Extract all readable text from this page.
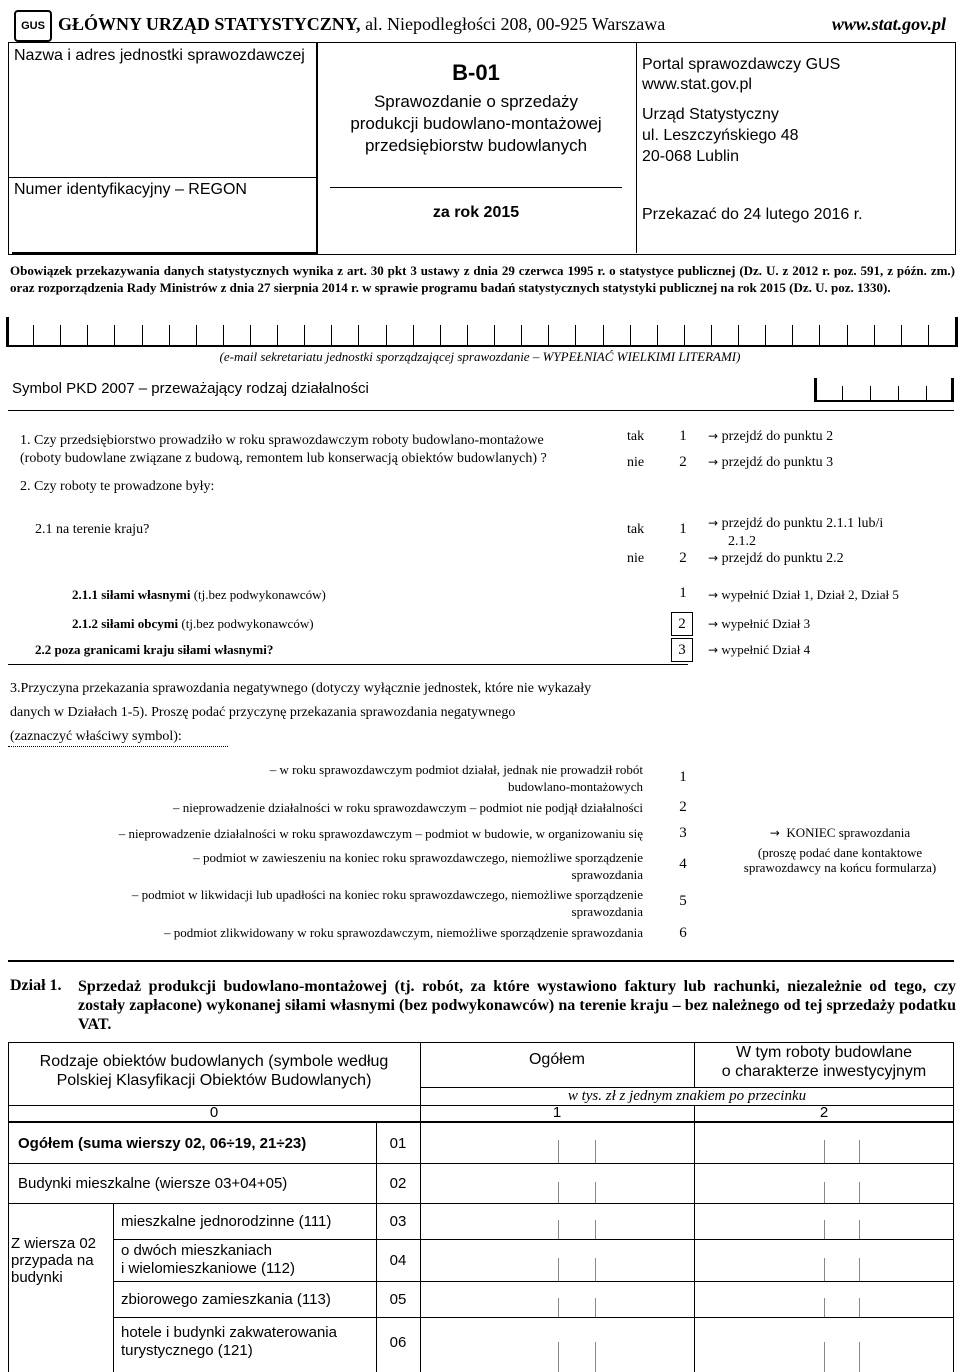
GUS GŁÓWNY URZĄD STATYSTYCZNY, al. Niepodległości 208, 00-925 Warszawa	www.stat.gov.pl
Nazwa i adres jednostki sprawozdawczej
Numer identyfikacyjny – REGON
B-01
Sprawozdanie o sprzedaży
produkcji budowlano-montażowej
przedsiębiorstw budowlanych
za rok 2015
Portal sprawozdawczy GUS
www.stat.gov.pl
Urząd Statystyczny
ul. Leszczyńskiego 48
20-068 Lublin
Przekazać do 24 lutego 2016 r.
Obowiązek przekazywania danych statystycznych wynika z art. 30 pkt 3 ustawy z dnia 29 czerwca 1995 r. o statystyce publicznej (Dz. U. z 2012 r. poz. 591, z późn. zm.) oraz rozporządzenia Rady Ministrów z dnia 27 sierpnia 2014 r. w sprawie programu badań statystycznych statystyki publicznej na rok 2015 (Dz. U. poz. 1330).
(e-mail sekretariatu jednostki sporządzającej sprawozdanie – WYPEŁNIAĆ WIELKIMI LITERAMI)
Symbol PKD 2007 – przeważający rodzaj działalności
1. Czy przedsiębiorstwo prowadziło w roku sprawozdawczym roboty budowlano-montażowe
(roboty budowlane związane z budową, remontem lub konserwacją obiektów budowlanych) ?
tak	1	→ przejdź do punktu 2
nie	2	→ przejdź do punktu 3
2. Czy roboty te prowadzone były:
2.1 na terenie kraju?	tak	1	→ przejdź do punktu 2.1.1 lub/i
2.1.2
nie	2	→ przejdź do punktu 2.2
2.1.1 siłami własnymi (tj.bez podwykonawców)	1	→ wypełnić Dział 1, Dział 2, Dział 5
2.1.2 siłami obcymi (tj.bez podwykonawców)	2	→ wypełnić Dział 3
2.2 poza granicami kraju siłami własnymi?	3	→ wypełnić Dział 4
3.Przyczyna przekazania sprawozdania negatywnego (dotyczy wyłącznie jednostek, które nie wykazały
danych w Działach 1-5). Proszę podać przyczynę przekazania sprawozdania negatywnego
(zaznaczyć właściwy symbol):
– w roku sprawozdawczym podmiot działał, jednak nie prowadził robót
budowlano-montażowych
1
– nieprowadzenie działalności w roku sprawozdawczym – podmiot nie podjął działalności	2
– nieprowadzenie działalności w roku sprawozdawczym – podmiot w budowie, w organizowaniu się	3
– podmiot w zawieszeniu na koniec roku sprawozdawczego, niemożliwe sporządzenie
sprawozdania
4
– podmiot w likwidacji lub upadłości na koniec roku sprawozdawczego, niemożliwe sporządzenie
sprawozdania
5
– podmiot zlikwidowany w roku sprawozdawczym, niemożliwe sporządzenie sprawozdania	6
→ KONIEC sprawozdania
(proszę podać dane kontaktowe
sprawozdawcy na końcu formularza)
Dział 1. Sprzedaż produkcji budowlano-montażowej (tj. robót, za które wystawiono faktury lub rachunki, niezależnie od tego, czy zostały zapłacone) wykonanej siłami własnymi (bez podwykonawców) na terenie kraju – bez należnego od tej sprzedaży podatku VAT.
Rodzaje obiektów budowlanych (symbole według
Polskiej Klasyfikacji Obiektów Budowlanych)
Ogółem	W tym roboty budowlane
o charakterze inwestycyjnym
w tys. zł z jednym znakiem po przecinku
0	1	2
Ogółem (suma wierszy 02, 06÷19, 21÷23)	01
Budynki mieszkalne (wiersze 03+04+05)	02
Z wiersza 02
przypada na
budynki
mieszkalne jednorodzinne (111)	03
o dwóch mieszkaniach
i wielomieszkaniowe (112)	04
zbiorowego zamieszkania (113)	05
hotele i budynki zakwaterowania
turystycznego (121)	06
